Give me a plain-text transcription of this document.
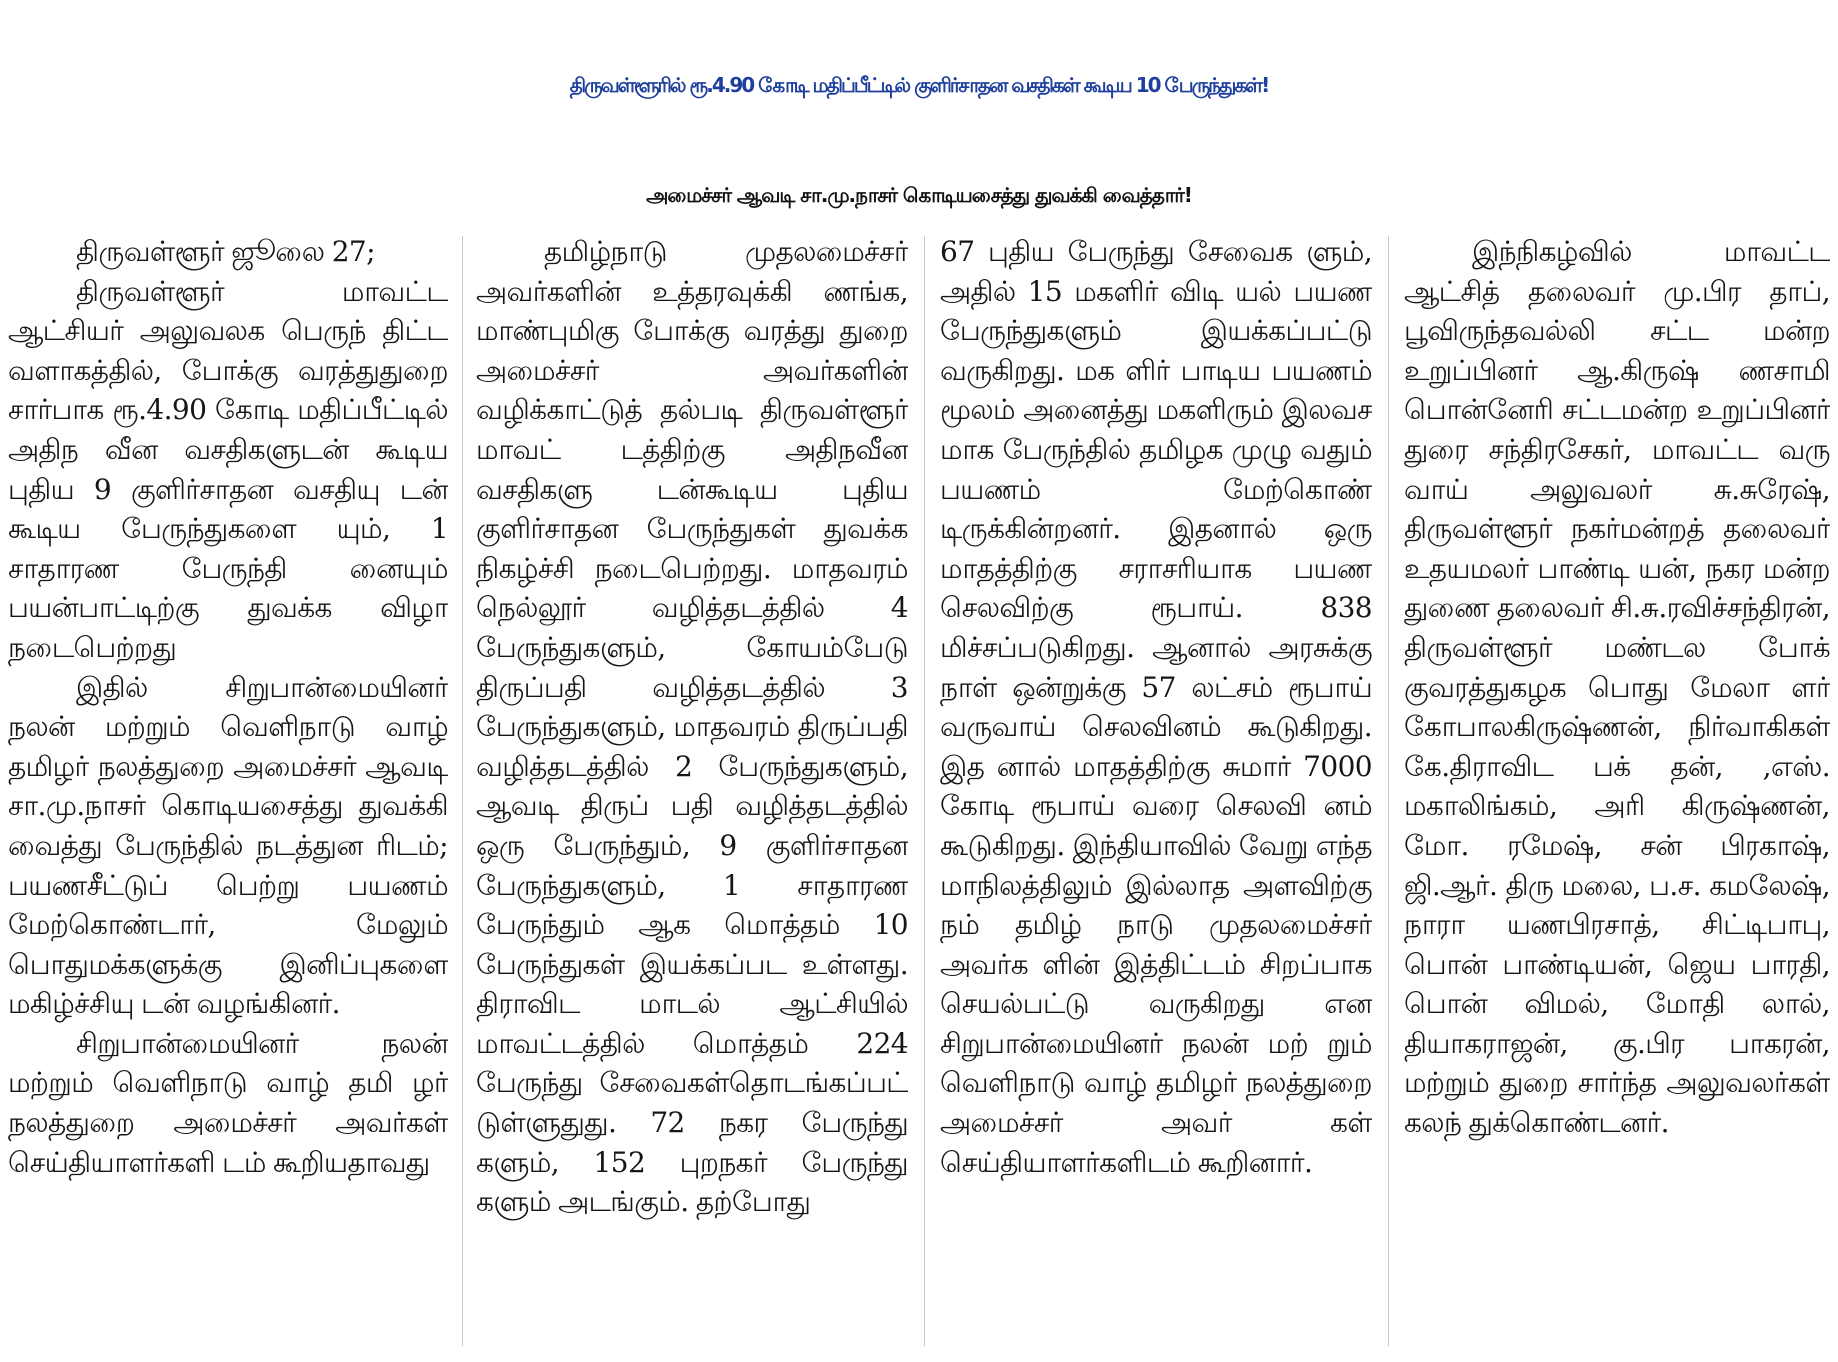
திருவள்ளூரில் ரூ.4.90 கோடி மதிப்பீட்டில் குளிர்சாதன வசதிகள் கூடிய 10 பேருந்துகள்!
அமைச்சர் ஆவடி சா.மு.நாசர் கொடியசைத்து துவக்கி வைத்தார்!

திருவள்ளூர் ஜூலை 27;

திருவள்ளூர் மாவட்ட ஆட்சியர் அலுவலக பெருந் திட்ட வளாகத்தில், போக்கு வரத்துதுறை சார்பாக ரூ.4.90 கோடி மதிப்பீட்டில் அதிந வீன வசதிகளுடன் கூடிய புதிய 9 குளிர்சாதன வசதியு டன் கூடிய பேருந்துகளை யும், 1 சாதாரண பேருந்தி னையும் பயன்பாட்டிற்கு துவக்க விழா நடைபெற்றது

இதில் சிறுபான்மையினர் நலன் மற்றும் வெளிநாடு வாழ் தமிழர் நலத்துறை அமைச்சர் ஆவடி சா.மு.நாசர் கொடியசைத்து துவக்கி வைத்து பேருந்தில் நடத்துன ரிடம்; பயணசீட்டுப் பெற்று பயணம் மேற்கொண்டார், மேலும் பொதுமக்களுக்கு இனிப்புகளை மகிழ்ச்சியு டன் வழங்கினர்.

சிறுபான்மையினர் நலன் மற்றும் வெளிநாடு வாழ் தமி ழர் நலத்துறை அமைச்சர் அவர்கள் செய்தியாளர்களி டம் கூறியதாவது

தமிழ்நாடு முதலமைச்சர் அவர்களின் உத்தரவுக்கி ணங்க, மாண்புமிகு போக்கு வரத்து துறை அமைச்சர் அவர்களின் வழிக்காட்டுத் தல்படி திருவள்ளூர் மாவட் டத்திற்கு அதிநவீன வசதிகளு டன்கூடிய புதிய குளிர்சாதன பேருந்துகள் துவக்க நிகழ்ச்சி நடைபெற்றது. மாதவரம் நெல்லூர் வழித்தடத்தில் 4 பேருந்துகளும், கோயம்பேடு திருப்பதி வழித்தடத்தில் 3 பேருந்துகளும், மாதவரம் திருப்பதி வழித்தடத்தில் 2 பேருந்துகளும், ஆவடி திருப் பதி வழித்தடத்தில் ஒரு பேருந்தும், 9 குளிர்சாதன பேருந்துகளும், 1 சாதாரண பேருந்தும் ஆக மொத்தம் 10 பேருந்துகள் இயக்கப்பட உள்ளது. திராவிட மாடல் ஆட்சியில் மாவட்டத்தில் மொத்தம் 224 பேருந்து சேவைகள்தொடங்கப்பட் டுள்ளுதுது. 72 நகர பேருந்து களும், 152 புறநகர் பேருந்து களும் அடங்கும். தற்போது

67 புதிய பேருந்து சேவைக ளும், அதில் 15 மகளிர் விடி யல் பயண பேருந்துகளும் இயக்கப்பட்டு வருகிறது. மக ளிர் பாடிய பயணம் மூலம் அனைத்து மகளிரும் இலவச மாக பேருந்தில் தமிழக முழு வதும் பயணம் மேற்கொண் டிருக்கின்றனர். இதனால் ஒரு மாதத்திற்கு சராசரியாக பயண செலவிற்கு ரூபாய். 838 மிச்சப்படுகிறது. ஆனால் அரசுக்கு நாள் ஒன்றுக்கு 57 லட்சம் ரூபாய் வருவாய் செலவினம் கூடுகிறது. இத னால் மாதத்திற்கு சுமார் 7000 கோடி ரூபாய் வரை செலவி னம் கூடுகிறது. இந்தியாவில் வேறு எந்த மாநிலத்திலும் இல்லாத அளவிற்கு நம் தமிழ் நாடு முதலமைச்சர் அவர்க ளின் இத்திட்டம் சிறப்பாக செயல்பட்டு வருகிறது என சிறுபான்மையினர் நலன் மற் றும் வெளிநாடு வாழ் தமிழர் நலத்துறை அமைச்சர் அவர் கள் செய்தியாளர்களிடம் கூறினார்.

இந்நிகழ்வில் மாவட்ட ஆட்சித் தலைவர் மு.பிர தாப், பூவிருந்தவல்லி சட்ட மன்ற உறுப்பினர் ஆ.கிருஷ் ணசாமி பொன்னேரி சட்டமன்ற உறுப்பினர் துரை சந்திரசேகர், மாவட்ட வரு வாய் அலுவலர் சு.சுரேஷ், திருவள்ளூர் நகர்மன்றத் தலைவர் உதயமலர் பாண்டி யன், நகர மன்ற துணை தலைவர் சி.சு.ரவிச்சந்திரன், திருவள்ளூர் மண்டல போக் குவரத்துகழக பொது மேலா ளர் கோபாலகிருஷ்ணன், நிர்வாகிகள் கே.திராவிட பக் தன், ,எஸ். மகாலிங்கம், அரி கிருஷ்ணன், மோ. ரமேஷ், சன் பிரகாஷ், ஜி.ஆர். திரு மலை, ப.ச. கமலேஷ், நாரா யணபிரசாத், சிட்டிபாபு, பொன் பாண்டியன், ஜெய பாரதி, பொன் விமல், மோதி லால், தியாகராஜன், கு.பிர பாகரன், மற்றும் துறை சார்ந்த அலுவலர்கள் கலந் துக்கொண்டனர்.
